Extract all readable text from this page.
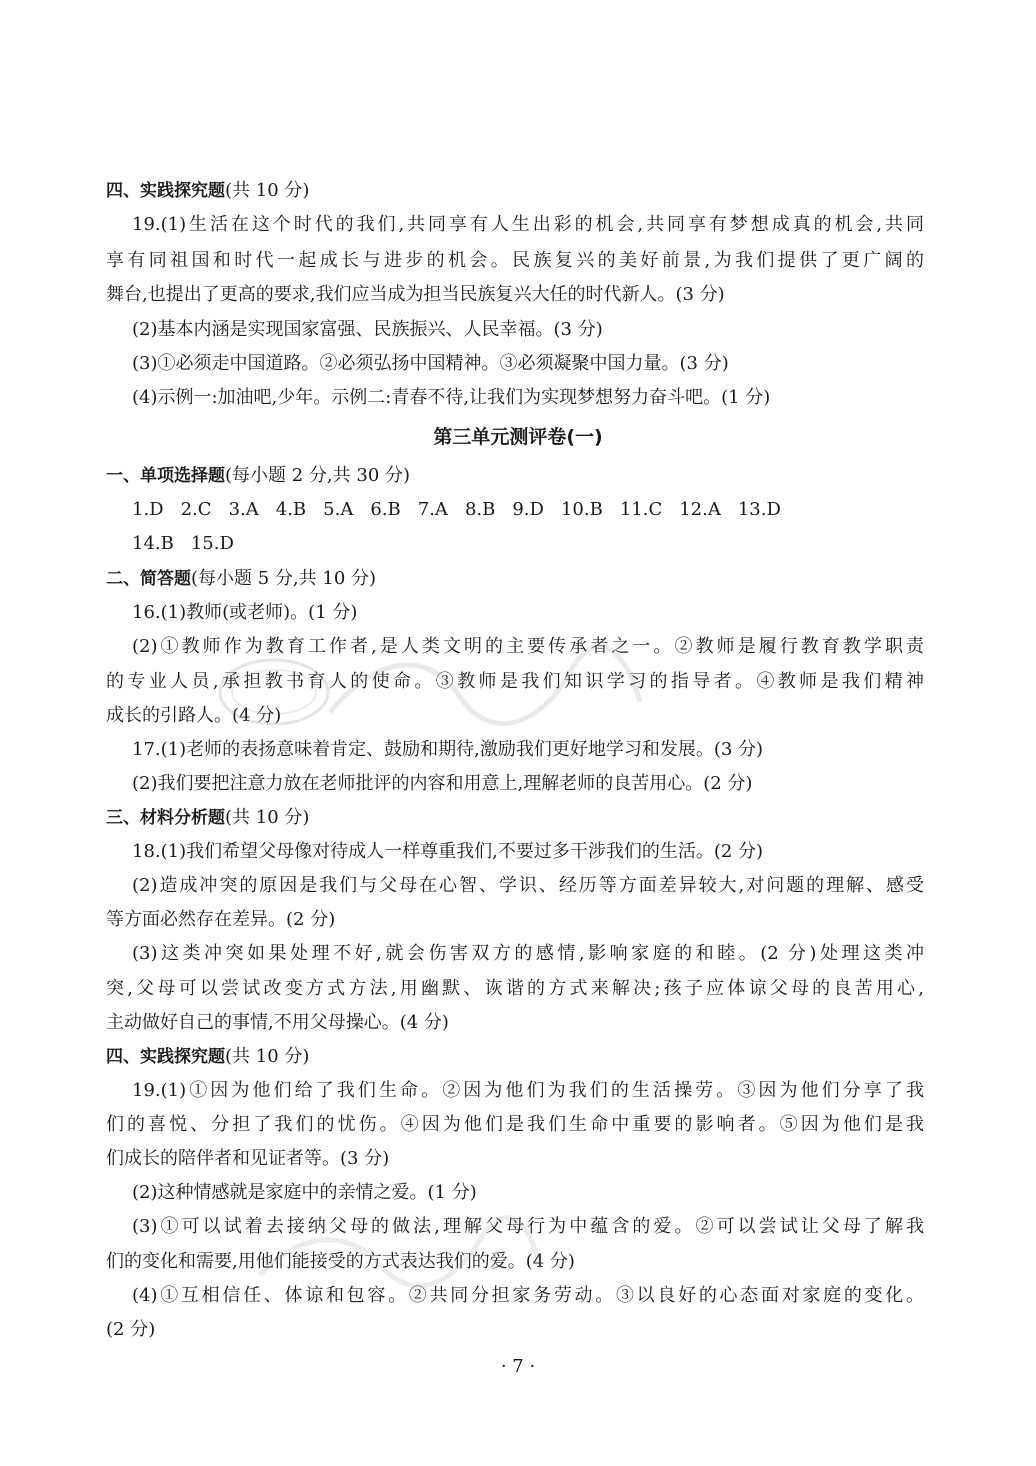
四、实践探究题(共 10 分)
19.(1)生活在这个时代的我们,共同享有人生出彩的机会,共同享有梦想成真的机会,共同
享有同祖国和时代一起成长与进步的机会。民族复兴的美好前景,为我们提供了更广阔的
舞台,也提出了更高的要求,我们应当成为担当民族复兴大任的时代新人。(3 分)
(2)基本内涵是实现国家富强、民族振兴、人民幸福。(3 分)
(3)①必须走中国道路。②必须弘扬中国精神。③必须凝聚中国力量。(3 分)
(4)示例一:加油吧,少年。示例二:青春不待,让我们为实现梦想努力奋斗吧。(1 分)
第三单元测评卷(一)
一、单项选择题(每小题 2 分,共 30 分)
1.D 2.C 3.A 4.B 5.A 6.B 7.A 8.B 9.D 10.B 11.C 12.A 13.D
14.B 15.D
二、简答题(每小题 5 分,共 10 分)
16.(1)教师(或老师)。(1 分)
(2)①教师作为教育工作者,是人类文明的主要传承者之一。②教师是履行教育教学职责
的专业人员,承担教书育人的使命。③教师是我们知识学习的指导者。④教师是我们精神
成长的引路人。(4 分)
17.(1)老师的表扬意味着肯定、鼓励和期待,激励我们更好地学习和发展。(3 分)
(2)我们要把注意力放在老师批评的内容和用意上,理解老师的良苦用心。(2 分)
三、材料分析题(共 10 分)
18.(1)我们希望父母像对待成人一样尊重我们,不要过多干涉我们的生活。(2 分)
(2)造成冲突的原因是我们与父母在心智、学识、经历等方面差异较大,对问题的理解、感受
等方面必然存在差异。(2 分)
(3)这类冲突如果处理不好,就会伤害双方的感情,影响家庭的和睦。(2 分)处理这类冲
突,父母可以尝试改变方式方法,用幽默、诙谐的方式来解决;孩子应体谅父母的良苦用心,
主动做好自己的事情,不用父母操心。(4 分)
四、实践探究题(共 10 分)
19.(1)①因为他们给了我们生命。②因为他们为我们的生活操劳。③因为他们分享了我
们的喜悦、分担了我们的忧伤。④因为他们是我们生命中重要的影响者。⑤因为他们是我
们成长的陪伴者和见证者等。(3 分)
(2)这种情感就是家庭中的亲情之爱。(1 分)
(3)①可以试着去接纳父母的做法,理解父母行为中蕴含的爱。②可以尝试让父母了解我
们的变化和需要,用他们能接受的方式表达我们的爱。(4 分)
(4)①互相信任、体谅和包容。②共同分担家务劳动。③以良好的心态面对家庭的变化。
(2 分)
· 7 ·
